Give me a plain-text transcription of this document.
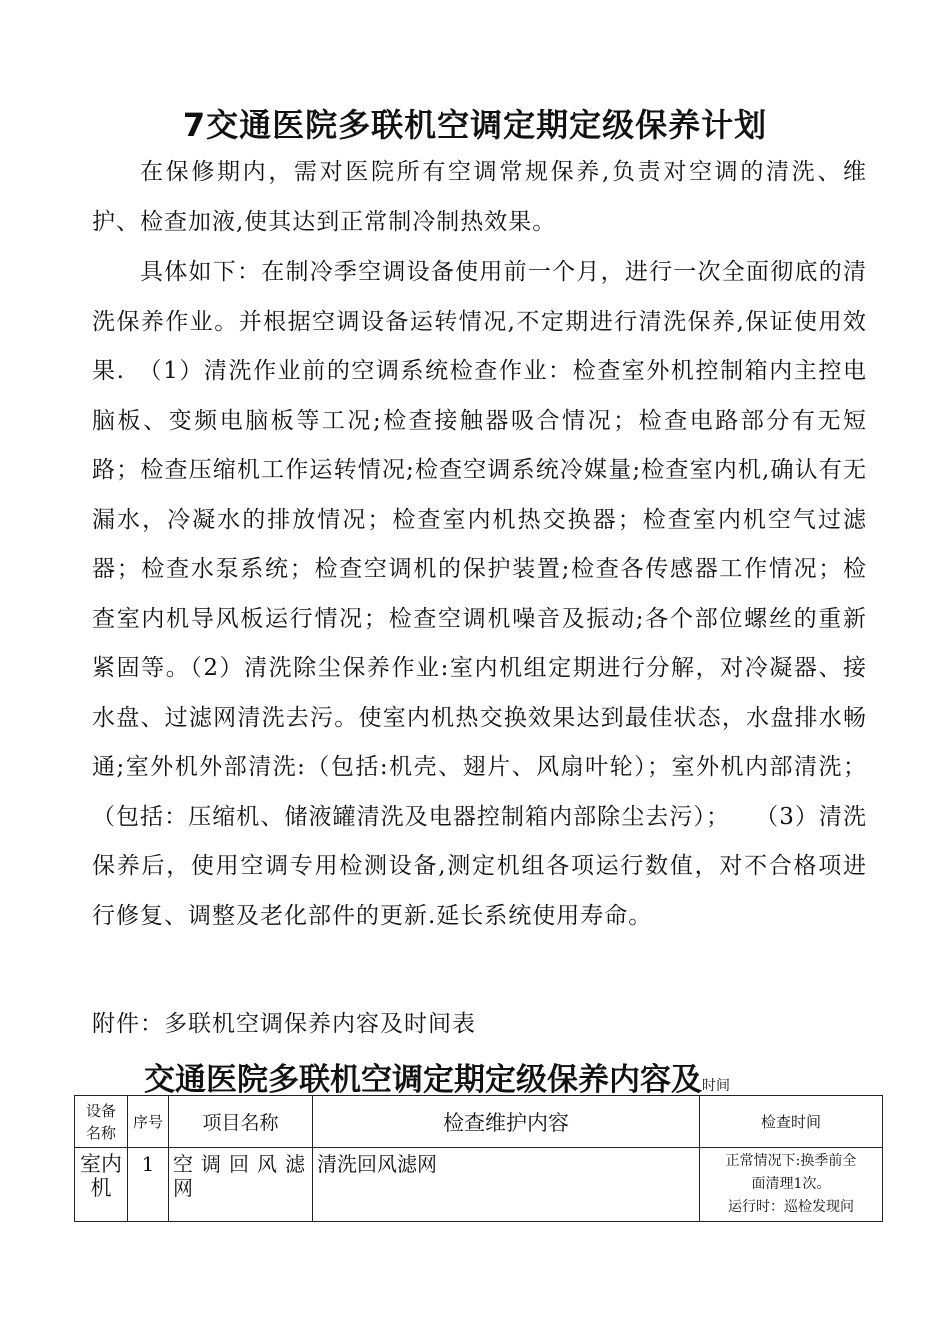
7交通医院多联机空调定期定级保养计划

在保修期内，需对医院所有空调常规保养,负责对空调的清洗、维护、检查加液,使其达到正常制冷制热效果。

具体如下：在制冷季空调设备使用前一个月，进行一次全面彻底的清洗保养作业。并根据空调设备运转情况,不定期进行清洗保养,保证使用效果.　（1）清洗作业前的空调系统检查作业：检查室外机控制箱内主控电脑板、变频电脑板等工况;检查接触器吸合情况；检查电路部分有无短路；检查压缩机工作运转情况;检查空调系统冷媒量;检查室内机,确认有无漏水，冷凝水的排放情况；检查室内机热交换器；检查室内机空气过滤器；检查水泵系统；检查空调机的保护装置;检查各传感器工作情况；检查室内机导风板运行情况；检查空调机噪音及振动;各个部位螺丝的重新紧固等。（2）清洗除尘保养作业:室内机组定期进行分解，对冷凝器、接水盘、过滤网清洗去污。使室内机热交换效果达到最佳状态，水盘排水畅通;室外机外部清洗:（包括:机壳、翅片、风扇叶轮）；室外机内部清洗；（包括：压缩机、储液罐清洗及电器控制箱内部除尘去污）；　　（3）清洗保养后，使用空调专用检测设备,测定机组各项运行数值，对不合格项进行修复、调整及老化部件的更新.延长系统使用寿命。

附件：多联机空调保养内容及时间表
交通医院多联机空调定期定级保养内容及时间
设备名称	序号	项目名称	检查维护内容	检查时间
室内机	1	空调回风滤网	清洗回风滤网	正常情况下:换季前全
面清理1次。
运行时：巡检发现问
